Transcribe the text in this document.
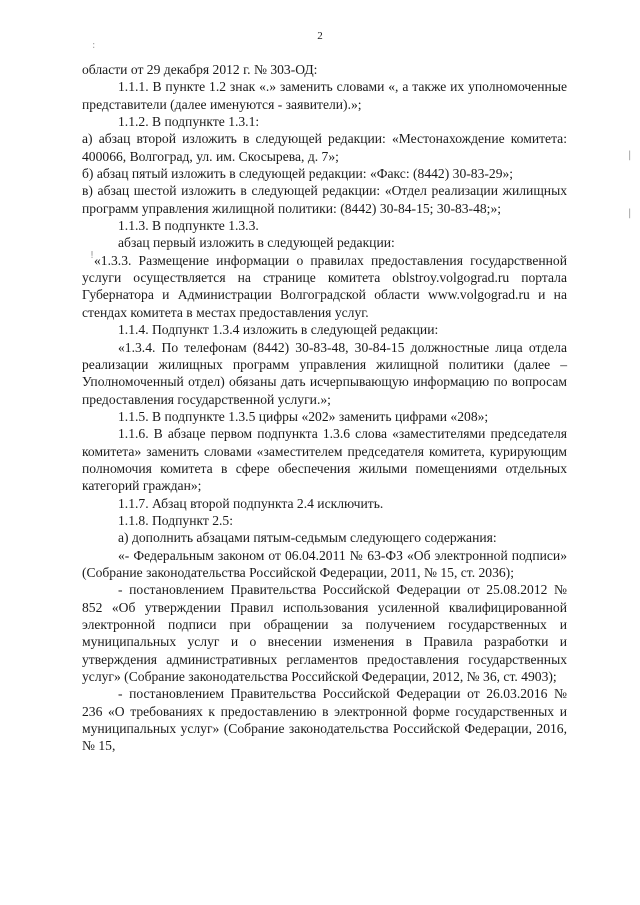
2
:
|
|
!

области от 29 декабря 2012 г. № 303-ОД:

1.1.1. В пункте 1.2 знак «.» заменить словами «, а также их уполномоченные представители (далее именуются - заявители).»;

1.1.2. В подпункте 1.3.1:

а) абзац второй изложить в следующей редакции: «Местонахождение комитета: 400066, Волгоград, ул. им. Скосырева, д. 7»;

б) абзац пятый изложить в следующей редакции: «Факс: (8442) 30-83-29»;

в) абзац шестой изложить в следующей редакции: «Отдел реализации жилищных программ управления жилищной политики: (8442) 30-84-15; 30-83-48;»;

1.1.3. В подпункте 1.3.3.

абзац первый изложить в следующей редакции:

«1.3.3. Размещение информации о правилах предоставления государственной услуги осуществляется на странице комитета oblstroy.volgograd.ru портала Губернатора и Администрации Волгоградской области www.volgograd.ru и на стендах комитета в местах предоставления услуг.

1.1.4. Подпункт 1.3.4 изложить в следующей редакции:

«1.3.4. По телефонам (8442) 30-83-48, 30-84-15 должностные лица отдела реализации жилищных программ управления жилищной политики (далее – Уполномоченный отдел) обязаны дать исчерпывающую информацию по вопросам предоставления государственной услуги.»;

1.1.5. В подпункте 1.3.5 цифры «202» заменить цифрами «208»;

1.1.6. В абзаце первом подпункта 1.3.6 слова «заместителями председателя комитета» заменить словами «заместителем председателя комитета, курирующим полномочия комитета в сфере обеспечения жилыми помещениями отдельных категорий граждан»;

1.1.7. Абзац второй подпункта 2.4 исключить.

1.1.8. Подпункт 2.5:

а) дополнить абзацами пятым-седьмым следующего содержания:

«- Федеральным законом от 06.04.2011 № 63-ФЗ «Об электронной подписи» (Собрание законодательства Российской Федерации, 2011, № 15, ст. 2036);

- постановлением Правительства Российской Федерации от 25.08.2012 № 852 «Об утверждении Правил использования усиленной квалифицированной электронной подписи при обращении за получением государственных и муниципальных услуг и о внесении изменения в Правила разработки и утверждения административных регламентов предоставления государственных услуг» (Собрание законодательства Российской Федерации, 2012, № 36, ст. 4903);

- постановлением Правительства Российской Федерации от 26.03.2016 № 236 «О требованиях к предоставлению в электронной форме государственных и муниципальных услуг» (Собрание законодательства Российской Федерации, 2016, № 15,
